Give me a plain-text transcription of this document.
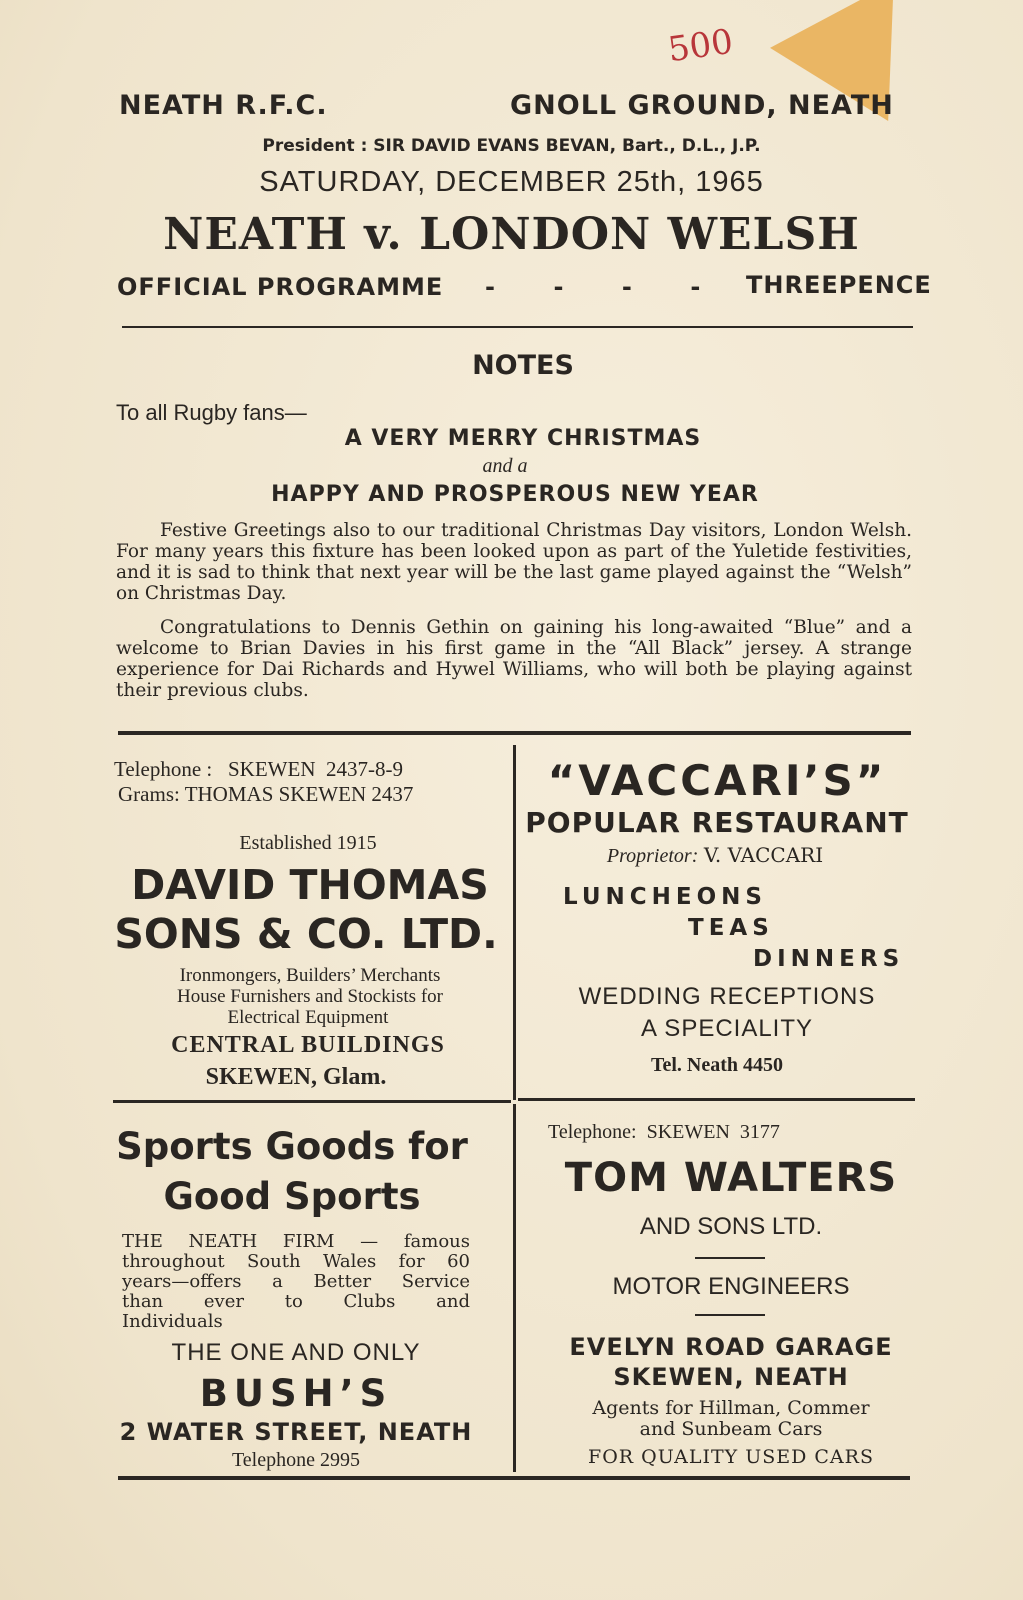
500
NEATH R.F.C.	GNOLL GROUND, NEATH
President : SIR DAVID EVANS BEVAN, Bart., D.L., J.P.
SATURDAY, DECEMBER 25th, 1965
NEATH v. LONDON WELSH
OFFICIAL PROGRAMME -       -       -       - THREEPENCE
NOTES
To all Rugby fans—
A VERY MERRY CHRISTMAS
and a
HAPPY AND PROSPEROUS NEW YEAR
Festive Greetings also to our traditional Christmas Day visitors, London Welsh. For many years this fixture has been looked upon as part of the Yuletide festivities, and it is sad to think that next year will be the last game played against the “Welsh” on Christmas Day.
Congratulations to Dennis Gethin on gaining his long-awaited “Blue” and a welcome to Brian Davies in his first game in the “All Black” jersey. A strange experience for Dai Richards and Hywel Williams, who will both be playing against their previous clubs.
Telephone :   SKEWEN  2437-8-9
Grams: THOMAS SKEWEN 2437
Established 1915
DAVID THOMAS
SONS & CO. LTD.
Ironmongers, Builders’ Merchants
House Furnishers and Stockists for
Electrical Equipment
CENTRAL BUILDINGS
SKEWEN, Glam.
“VACCARI’S”
POPULAR RESTAURANT
Proprietor: V. VACCARI
LUNCHEONS
TEAS
DINNERS
WEDDING RECEPTIONS
A SPECIALITY
Tel. Neath 4450
Sports Goods for
Good Sports
THE NEATH FIRM — famous
throughout South Wales for 60
years—offers a Better Service
than ever to Clubs and
Individuals
THE ONE AND ONLY
BUSH’S
2 WATER STREET, NEATH
Telephone 2995
Telephone:  SKEWEN  3177
TOM WALTERS
AND SONS LTD.
MOTOR ENGINEERS
EVELYN ROAD GARAGE
SKEWEN, NEATH
Agents for Hillman, Commer
and Sunbeam Cars
FOR QUALITY USED CARS
